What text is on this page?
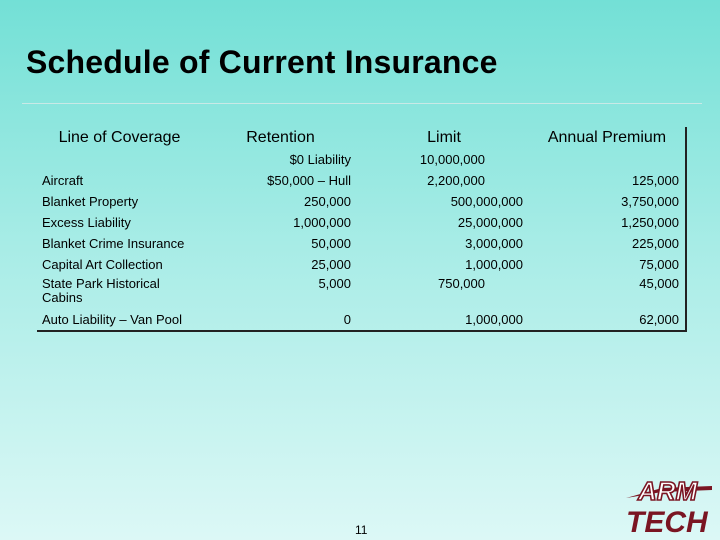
Schedule of Current Insurance
Line of Coverage	Retention	Limit	Annual Premium
	$0 Liability	10,000,000	
Aircraft	$50,000 – Hull	2,200,000	125,000
Blanket Property	250,000	500,000,000	3,750,000
Excess Liability	1,000,000	25,000,000	1,250,000
Blanket Crime Insurance	50,000	3,000,000	225,000
Capital Art Collection	25,000	1,000,000	75,000
State Park Historical Cabins	5,000	750,000	45,000
Auto Liability – Van Pool	0	1,000,000	62,000
11
ARM
TECH
